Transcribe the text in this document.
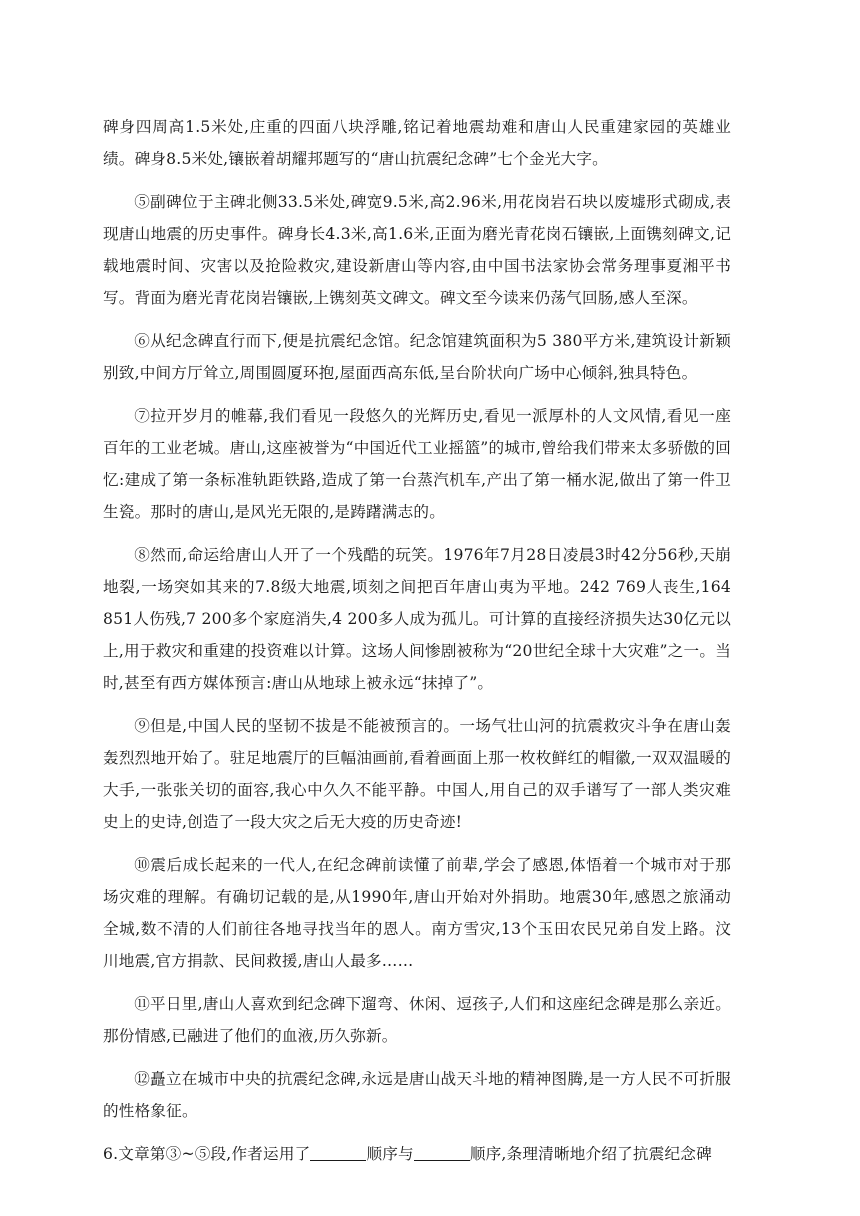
碑身四周高1.5米处,庄重的四面八块浮雕,铭记着地震劫难和唐山人民重建家园的英雄业绩。碑身8.5米处,镶嵌着胡耀邦题写的“唐山抗震纪念碑”七个金光大字。

⑤副碑位于主碑北侧33.5米处,碑宽9.5米,高2.96米,用花岗岩石块以废墟形式砌成,表现唐山地震的历史事件。碑身长4.3米,高1.6米,正面为磨光青花岗石镶嵌,上面镌刻碑文,记载地震时间、灾害以及抢险救灾,建设新唐山等内容,由中国书法家协会常务理事夏湘平书写。背面为磨光青花岗岩镶嵌,上镌刻英文碑文。碑文至今读来仍荡气回肠,感人至深。

⑥从纪念碑直行而下,便是抗震纪念馆。纪念馆建筑面积为5 380平方米,建筑设计新颖别致,中间方厅耸立,周围圆厦环抱,屋面西高东低,呈台阶状向广场中心倾斜,独具特色。

⑦拉开岁月的帷幕,我们看见一段悠久的光辉历史,看见一派厚朴的人文风情,看见一座百年的工业老城。唐山,这座被誉为“中国近代工业摇篮”的城市,曾给我们带来太多骄傲的回忆:建成了第一条标准轨距铁路,造成了第一台蒸汽机车,产出了第一桶水泥,做出了第一件卫生瓷。那时的唐山,是风光无限的,是踌躇满志的。

⑧然而,命运给唐山人开了一个残酷的玩笑。1976年7月28日凌晨3时42分56秒,天崩地裂,一场突如其来的7.8级大地震,顷刻之间把百年唐山夷为平地。242 769人丧生,164 851人伤残,7 200多个家庭消失,4 200多人成为孤儿。可计算的直接经济损失达30亿元以上,用于救灾和重建的投资难以计算。这场人间惨剧被称为“20世纪全球十大灾难”之一。当时,甚至有西方媒体预言:唐山从地球上被永远“抹掉了”。

⑨但是,中国人民的坚韧不拔是不能被预言的。一场气壮山河的抗震救灾斗争在唐山轰轰烈烈地开始了。驻足地震厅的巨幅油画前,看着画面上那一枚枚鲜红的帽徽,一双双温暖的大手,一张张关切的面容,我心中久久不能平静。中国人,用自己的双手谱写了一部人类灾难史上的史诗,创造了一段大灾之后无大疫的历史奇迹!

⑩震后成长起来的一代人,在纪念碑前读懂了前辈,学会了感恩,体悟着一个城市对于那场灾难的理解。有确切记载的是,从1990年,唐山开始对外捐助。地震30年,感恩之旅涌动全城,数不清的人们前往各地寻找当年的恩人。南方雪灾,13个玉田农民兄弟自发上路。汶川地震,官方捐款、民间救援,唐山人最多……

⑪平日里,唐山人喜欢到纪念碑下遛弯、休闲、逗孩子,人们和这座纪念碑是那么亲近。那份情感,已融进了他们的血液,历久弥新。

⑫矗立在城市中央的抗震纪念碑,永远是唐山战天斗地的精神图腾,是一方人民不可折服的性格象征。

6.文章第③~⑤段,作者运用了	顺序与	顺序,条理清晰地介绍了抗震纪念碑
